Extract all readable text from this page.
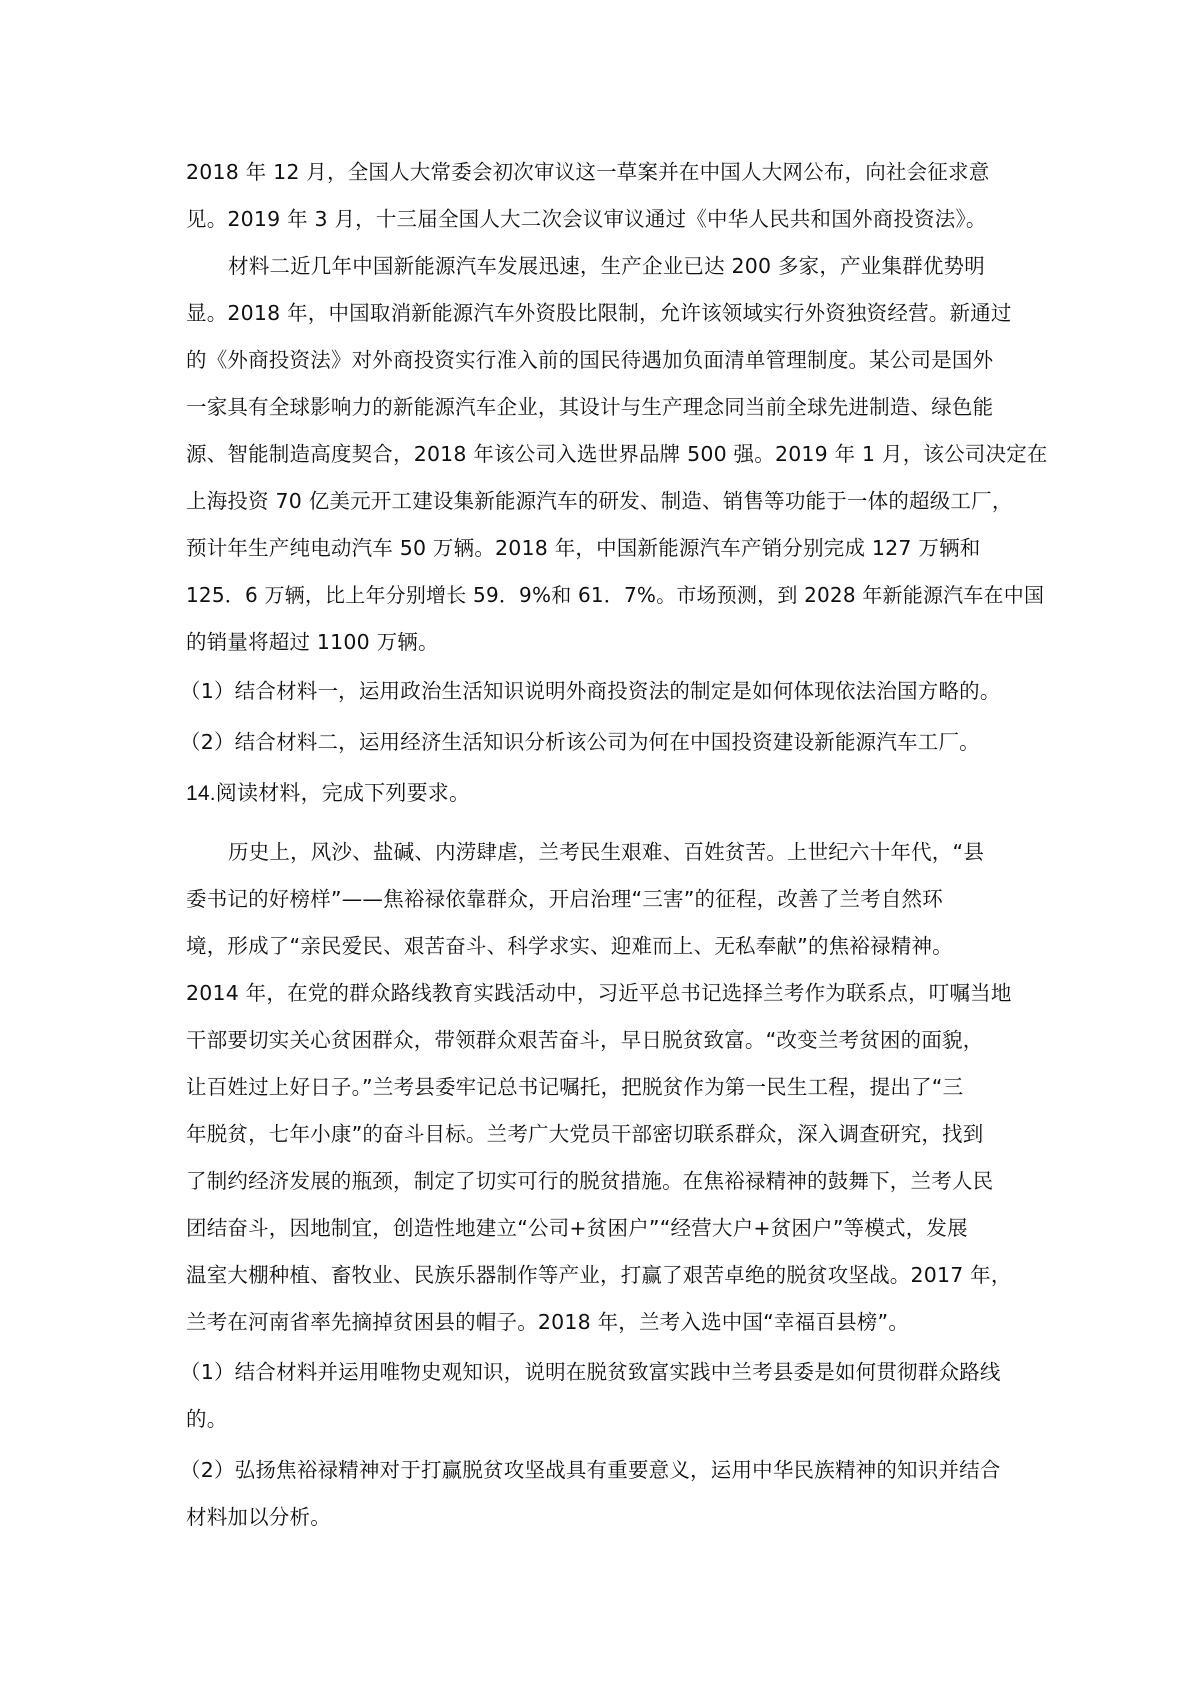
2018 年 12 月，全国人大常委会初次审议这一草案并在中国人大网公布，向社会征求意

见。2019 年 3 月，十三届全国人大二次会议审议通过《中华人民共和国外商投资法》。

材料二近几年中国新能源汽车发展迅速，生产企业已达 200 多家，产业集群优势明

显。2018 年，中国取消新能源汽车外资股比限制，允许该领域实行外资独资经营。新通过

的《外商投资法》对外商投资实行准入前的国民待遇加负面清单管理制度。某公司是国外

一家具有全球影响力的新能源汽车企业，其设计与生产理念同当前全球先进制造、绿色能

源、智能制造高度契合，2018 年该公司入选世界品牌 500 强。2019 年 1 月，该公司决定在

上海投资 70 亿美元开工建设集新能源汽车的研发、制造、销售等功能于一体的超级工厂，

预计年生产纯电动汽车 50 万辆。2018 年，中国新能源汽车产销分别完成 127 万辆和

125．6 万辆，比上年分别增长 59．9%和 61．7%。市场预测，到 2028 年新能源汽车在中国

的销量将超过 1100 万辆。

（1）结合材料一，运用政治生活知识说明外商投资法的制定是如何体现依法治国方略的。

（2）结合材料二，运用经济生活知识分析该公司为何在中国投资建设新能源汽车工厂。

14.阅读材料，完成下列要求。

历史上，风沙、盐碱、内涝肆虐，兰考民生艰难、百姓贫苦。上世纪六十年代，“县

委书记的好榜样”——焦裕禄依靠群众，开启治理“三害”的征程，改善了兰考自然环

境，形成了“亲民爱民、艰苦奋斗、科学求实、迎难而上、无私奉献”的焦裕禄精神。

2014 年，在党的群众路线教育实践活动中，习近平总书记选择兰考作为联系点，叮嘱当地

干部要切实关心贫困群众，带领群众艰苦奋斗，早日脱贫致富。“改变兰考贫困的面貌，

让百姓过上好日子。”兰考县委牢记总书记嘱托，把脱贫作为第一民生工程，提出了“三

年脱贫，七年小康”的奋斗目标。兰考广大党员干部密切联系群众，深入调查研究，找到

了制约经济发展的瓶颈，制定了切实可行的脱贫措施。在焦裕禄精神的鼓舞下，兰考人民

团结奋斗，因地制宜，创造性地建立“公司+贫困户”“经营大户+贫困户”等模式，发展

温室大棚种植、畜牧业、民族乐器制作等产业，打赢了艰苦卓绝的脱贫攻坚战。2017 年，

兰考在河南省率先摘掉贫困县的帽子。2018 年，兰考入选中国“幸福百县榜”。

（1）结合材料并运用唯物史观知识，说明在脱贫致富实践中兰考县委是如何贯彻群众路线

的。

（2）弘扬焦裕禄精神对于打赢脱贫攻坚战具有重要意义，运用中华民族精神的知识并结合

材料加以分析。
